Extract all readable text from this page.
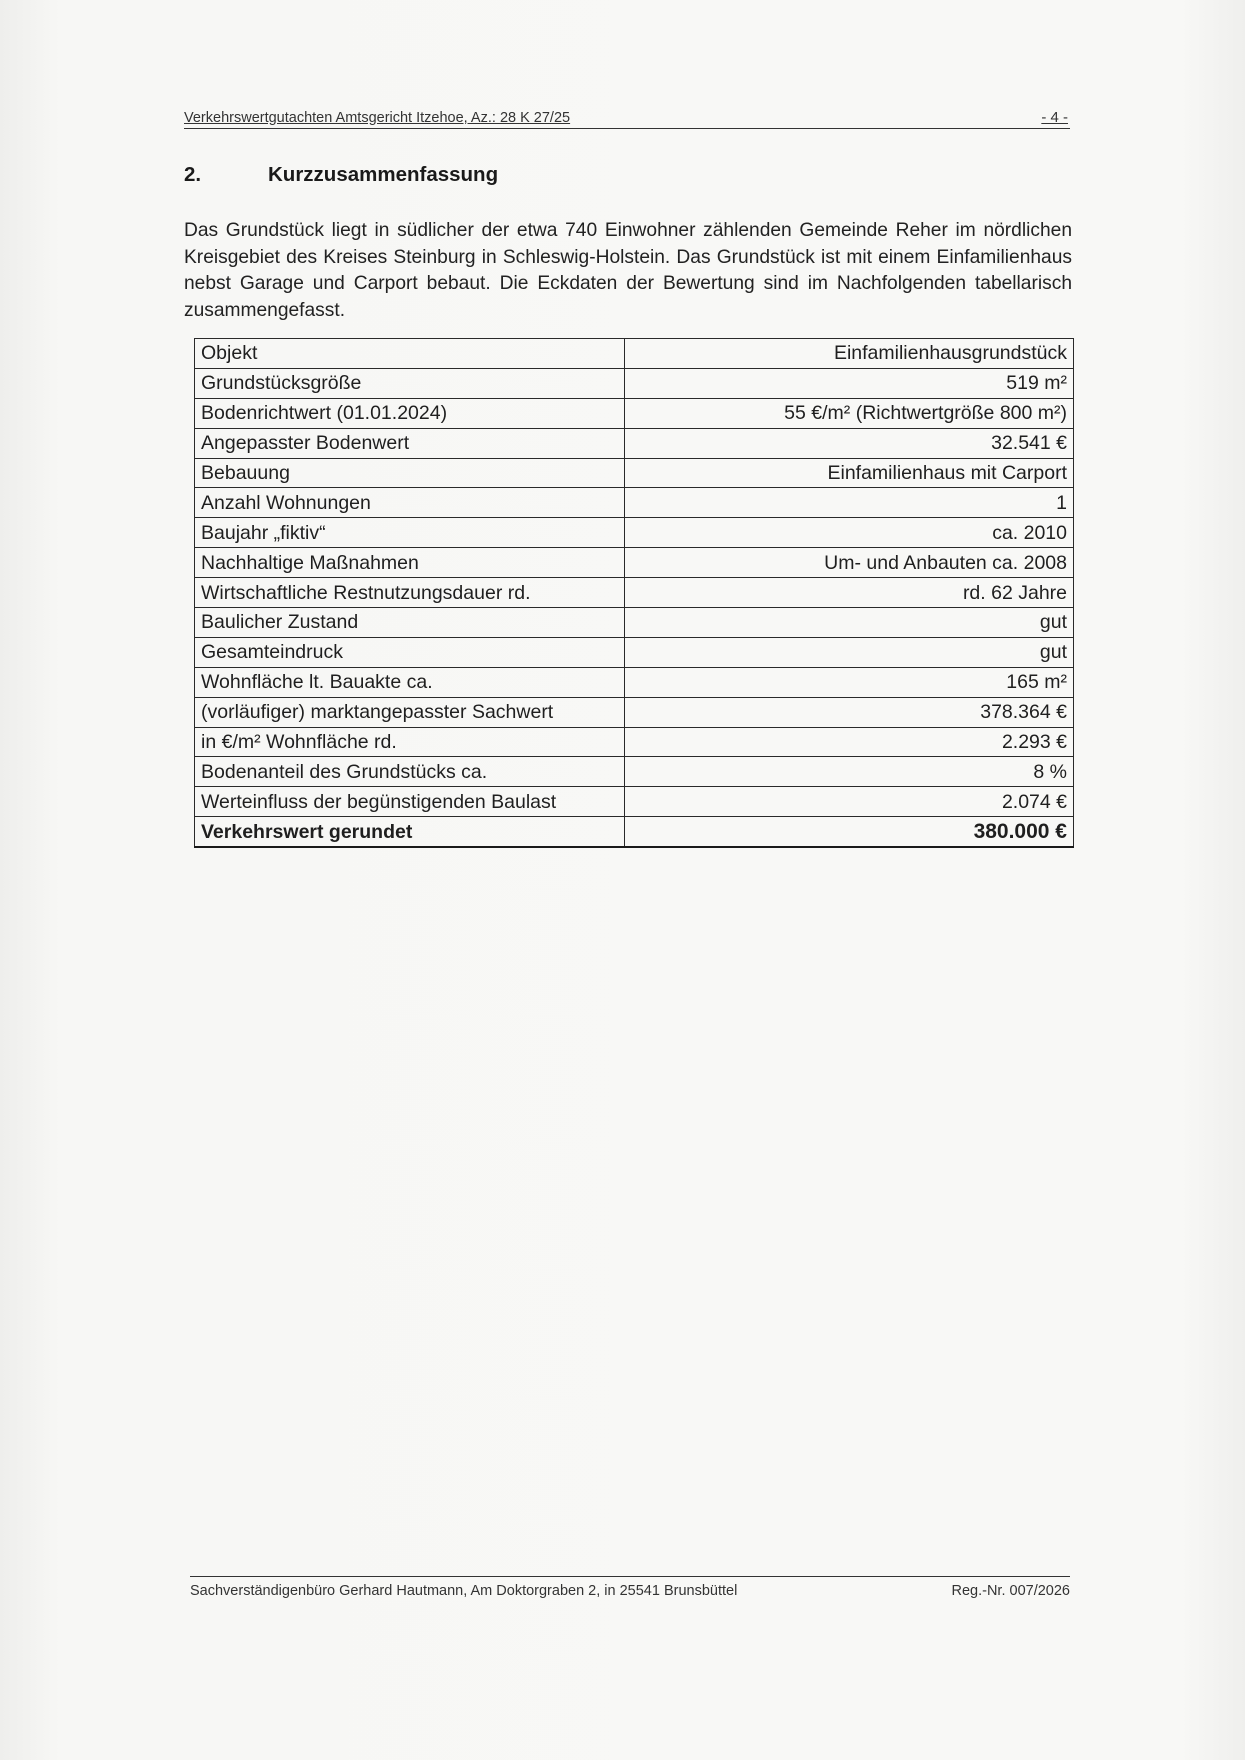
Verkehrswertgutachten Amtsgericht Itzehoe, Az.: 28 K 27/25	- 4 -
2.	Kurzzusammenfassung
Das Grundstück liegt in südlicher der etwa 740 Einwohner zählenden Gemeinde Reher im nördlichen Kreisgebiet des Kreises Steinburg in Schleswig-Holstein. Das Grundstück ist mit einem Einfamilienhaus nebst Garage und Carport bebaut. Die Eckdaten der Bewertung sind im Nachfolgenden tabellarisch zusammengefasst.
Objekt	Einfamilienhausgrundstück
Grundstücksgröße	519 m²
Bodenrichtwert (01.01.2024)	55 €/m² (Richtwertgröße 800 m²)
Angepasster Bodenwert	32.541 €
Bebauung	Einfamilienhaus mit Carport
Anzahl Wohnungen	1
Baujahr „fiktiv“	ca. 2010
Nachhaltige Maßnahmen	Um- und Anbauten ca. 2008
Wirtschaftliche Restnutzungsdauer rd.	rd. 62 Jahre
Baulicher Zustand	gut
Gesamteindruck	gut
Wohnfläche lt. Bauakte ca.	165 m²
(vorläufiger) marktangepasster Sachwert	378.364 €
in €/m² Wohnfläche rd.	2.293 €
Bodenanteil des Grundstücks ca.	8 %
Werteinfluss der begünstigenden Baulast	2.074 €
Verkehrswert gerundet	380.000 €
Sachverständigenbüro Gerhard Hautmann, Am Doktorgraben 2, in 25541 Brunsbüttel	Reg.-Nr. 007/2026
